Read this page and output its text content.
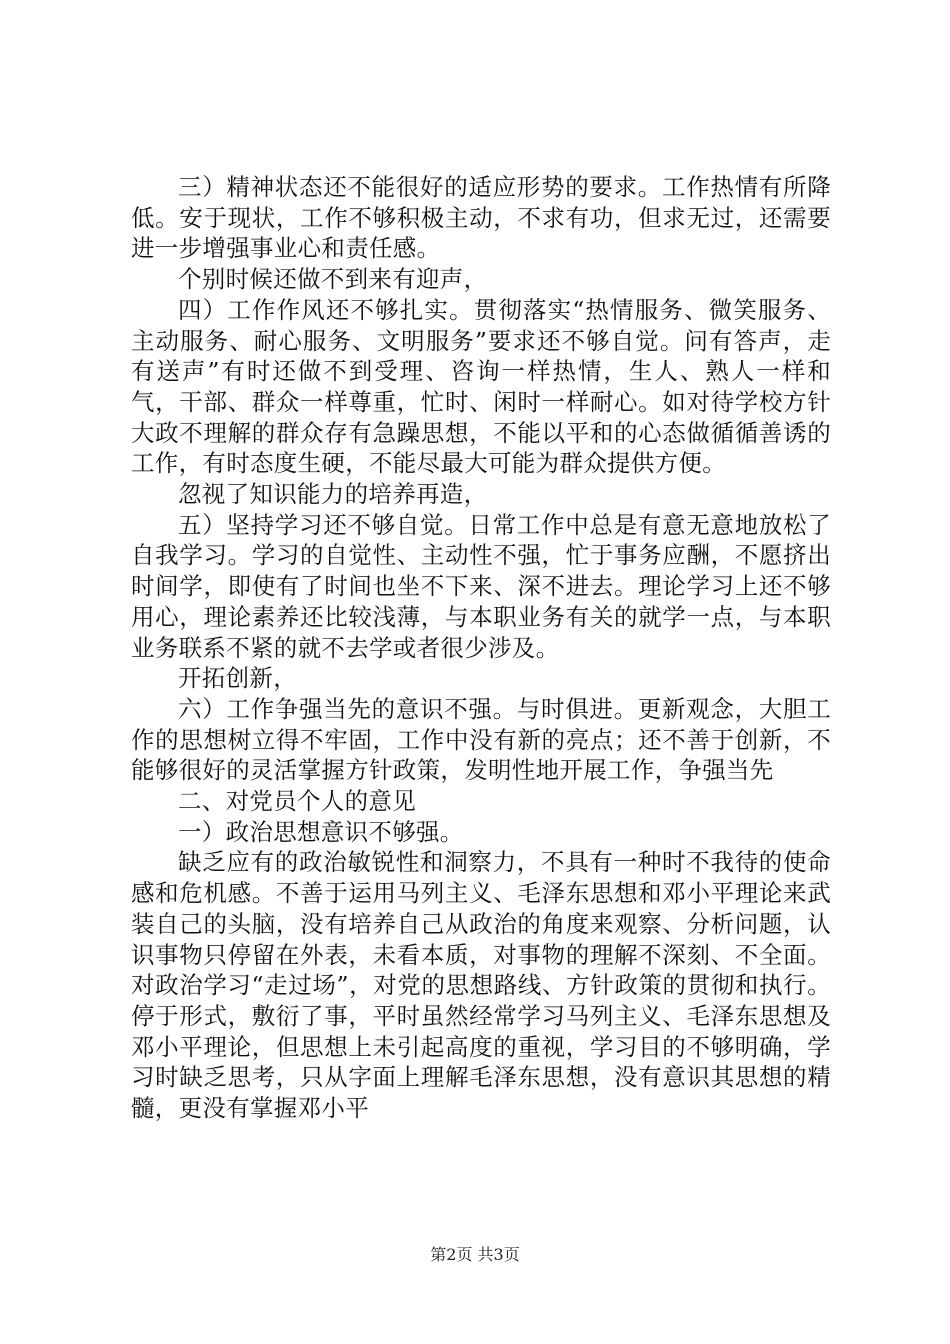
三）精神状态还不能很好的适应形势的要求。工作热情有所降低。安于现状，工作不够积极主动，不求有功，但求无过，还需要进一步增强事业心和责任感。

个别时候还做不到来有迎声，

四）工作作风还不够扎实。贯彻落实“热情服务、微笑服务、主动服务、耐心服务、文明服务”要求还不够自觉。问有答声，走有送声”有时还做不到受理、咨询一样热情，生人、熟人一样和气，干部、群众一样尊重，忙时、闲时一样耐心。如对待学校方针大政不理解的群众存有急躁思想，不能以平和的心态做循循善诱的工作，有时态度生硬，不能尽最大可能为群众提供方便。

忽视了知识能力的培养再造，

五）坚持学习还不够自觉。日常工作中总是有意无意地放松了自我学习。学习的自觉性、主动性不强，忙于事务应酬，不愿挤出时间学，即使有了时间也坐不下来、深不进去。理论学习上还不够用心，理论素养还比较浅薄，与本职业务有关的就学一点，与本职业务联系不紧的就不去学或者很少涉及。

开拓创新，

六）工作争强当先的意识不强。与时俱进。更新观念，大胆工作的思想树立得不牢固，工作中没有新的亮点；还不善于创新，不能够很好的灵活掌握方针政策，发明性地开展工作，争强当先

二、对党员个人的意见

一）政治思想意识不够强。

缺乏应有的政治敏锐性和洞察力，不具有一种时不我待的使命感和危机感。不善于运用马列主义、毛泽东思想和邓小平理论来武装自己的头脑，没有培养自己从政治的角度来观察、分析问题，认识事物只停留在外表，未看本质，对事物的理解不深刻、不全面。对政治学习“走过场”，对党的思想路线、方针政策的贯彻和执行。停于形式，敷衍了事，平时虽然经常学习马列主义、毛泽东思想及邓小平理论，但思想上未引起高度的重视，学习目的不够明确，学习时缺乏思考，只从字面上理解毛泽东思想，没有意识其思想的精髓，更没有掌握邓小平

第2页 共3页
